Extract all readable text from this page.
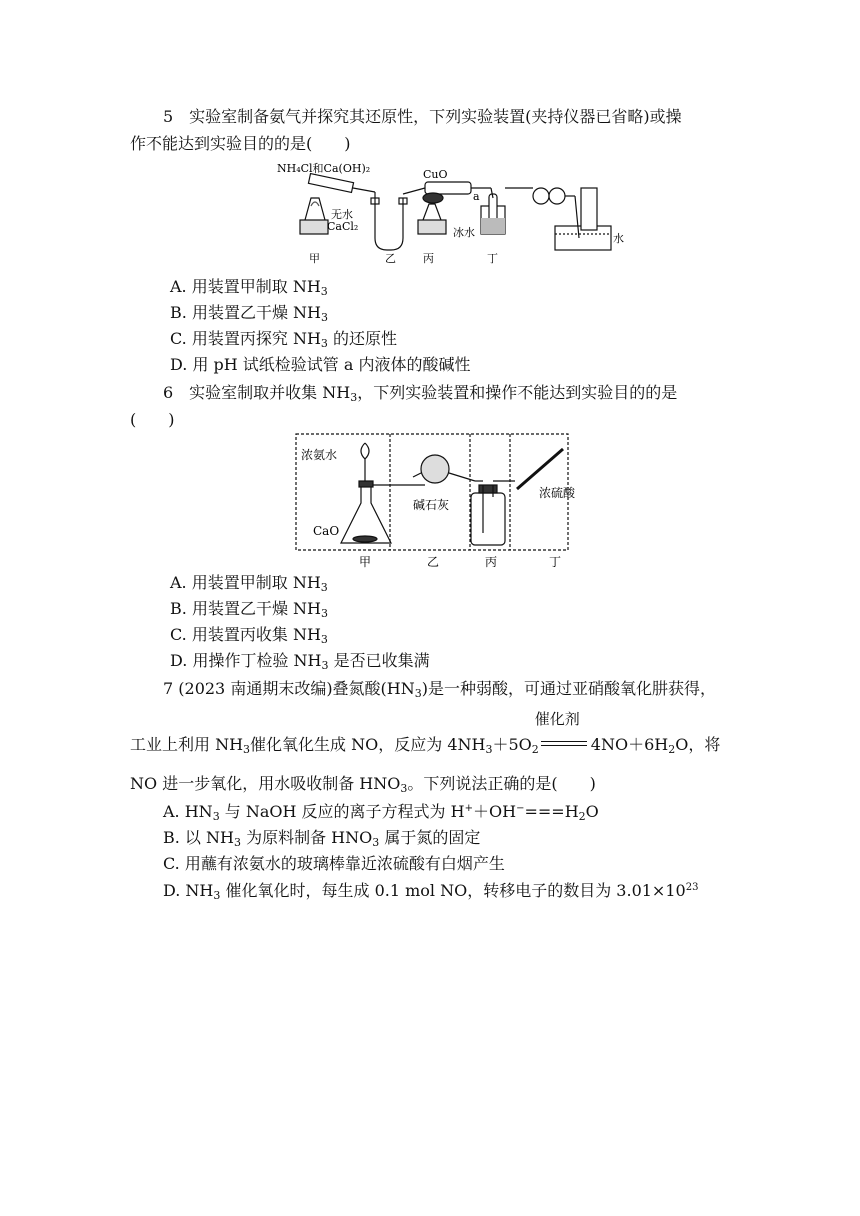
5　实验室制备氨气并探究其还原性，下列实验装置(夹持仪器已省略)或操
作不能达到实验目的的是(　　)
NH₄Cl和Ca(OH)₂	CuO
无水
CaCl₂	冰水
a
水
甲	乙 丙	丁
A. 用装置甲制取 $NH_3$
B. 用装置乙干燥 $NH_3$
C. 用装置丙探究 $NH_3$ 的还原性
D. 用 pH 试纸检验试管 a 内液体的酸碱性
6　实验室制取并收集 $NH_3$，下列实验装置和操作不能达到实验目的的是
(　　)
浓氨水
CaO
碱石灰
浓硫酸
甲	乙	丙	丁
A. 用装置甲制取 $NH_3$
B. 用装置乙干燥 $NH_3$
C. 用装置丙收集 $NH_3$
D. 用操作丁检验 $NH_3$ 是否已收集满
7 (2023 南通期末改编)叠氮酸$(HN_3)$是一种弱酸，可通过亚硝酸氧化肼获得，
工业上利用 $NH_3$催化氧化生成 NO，反应为 $4NH_3+5O_2$
催化剂
$4NO+6H_2O$，将
NO 进一步氧化，用水吸收制备 $HNO_3$。下列说法正确的是(　　)
A. $HN_3$ 与 NaOH 反应的离子方程式为 $H^++OH^-===H_2O$
B. 以 $NH_3$ 为原料制备 $HNO_3$ 属于氮的固定
C. 用蘸有浓氨水的玻璃棒靠近浓硫酸有白烟产生
D. $NH_3$ 催化氧化时，每生成 0.1 mol NO，转移电子的数目为 $3.01\times 10^{23}$
